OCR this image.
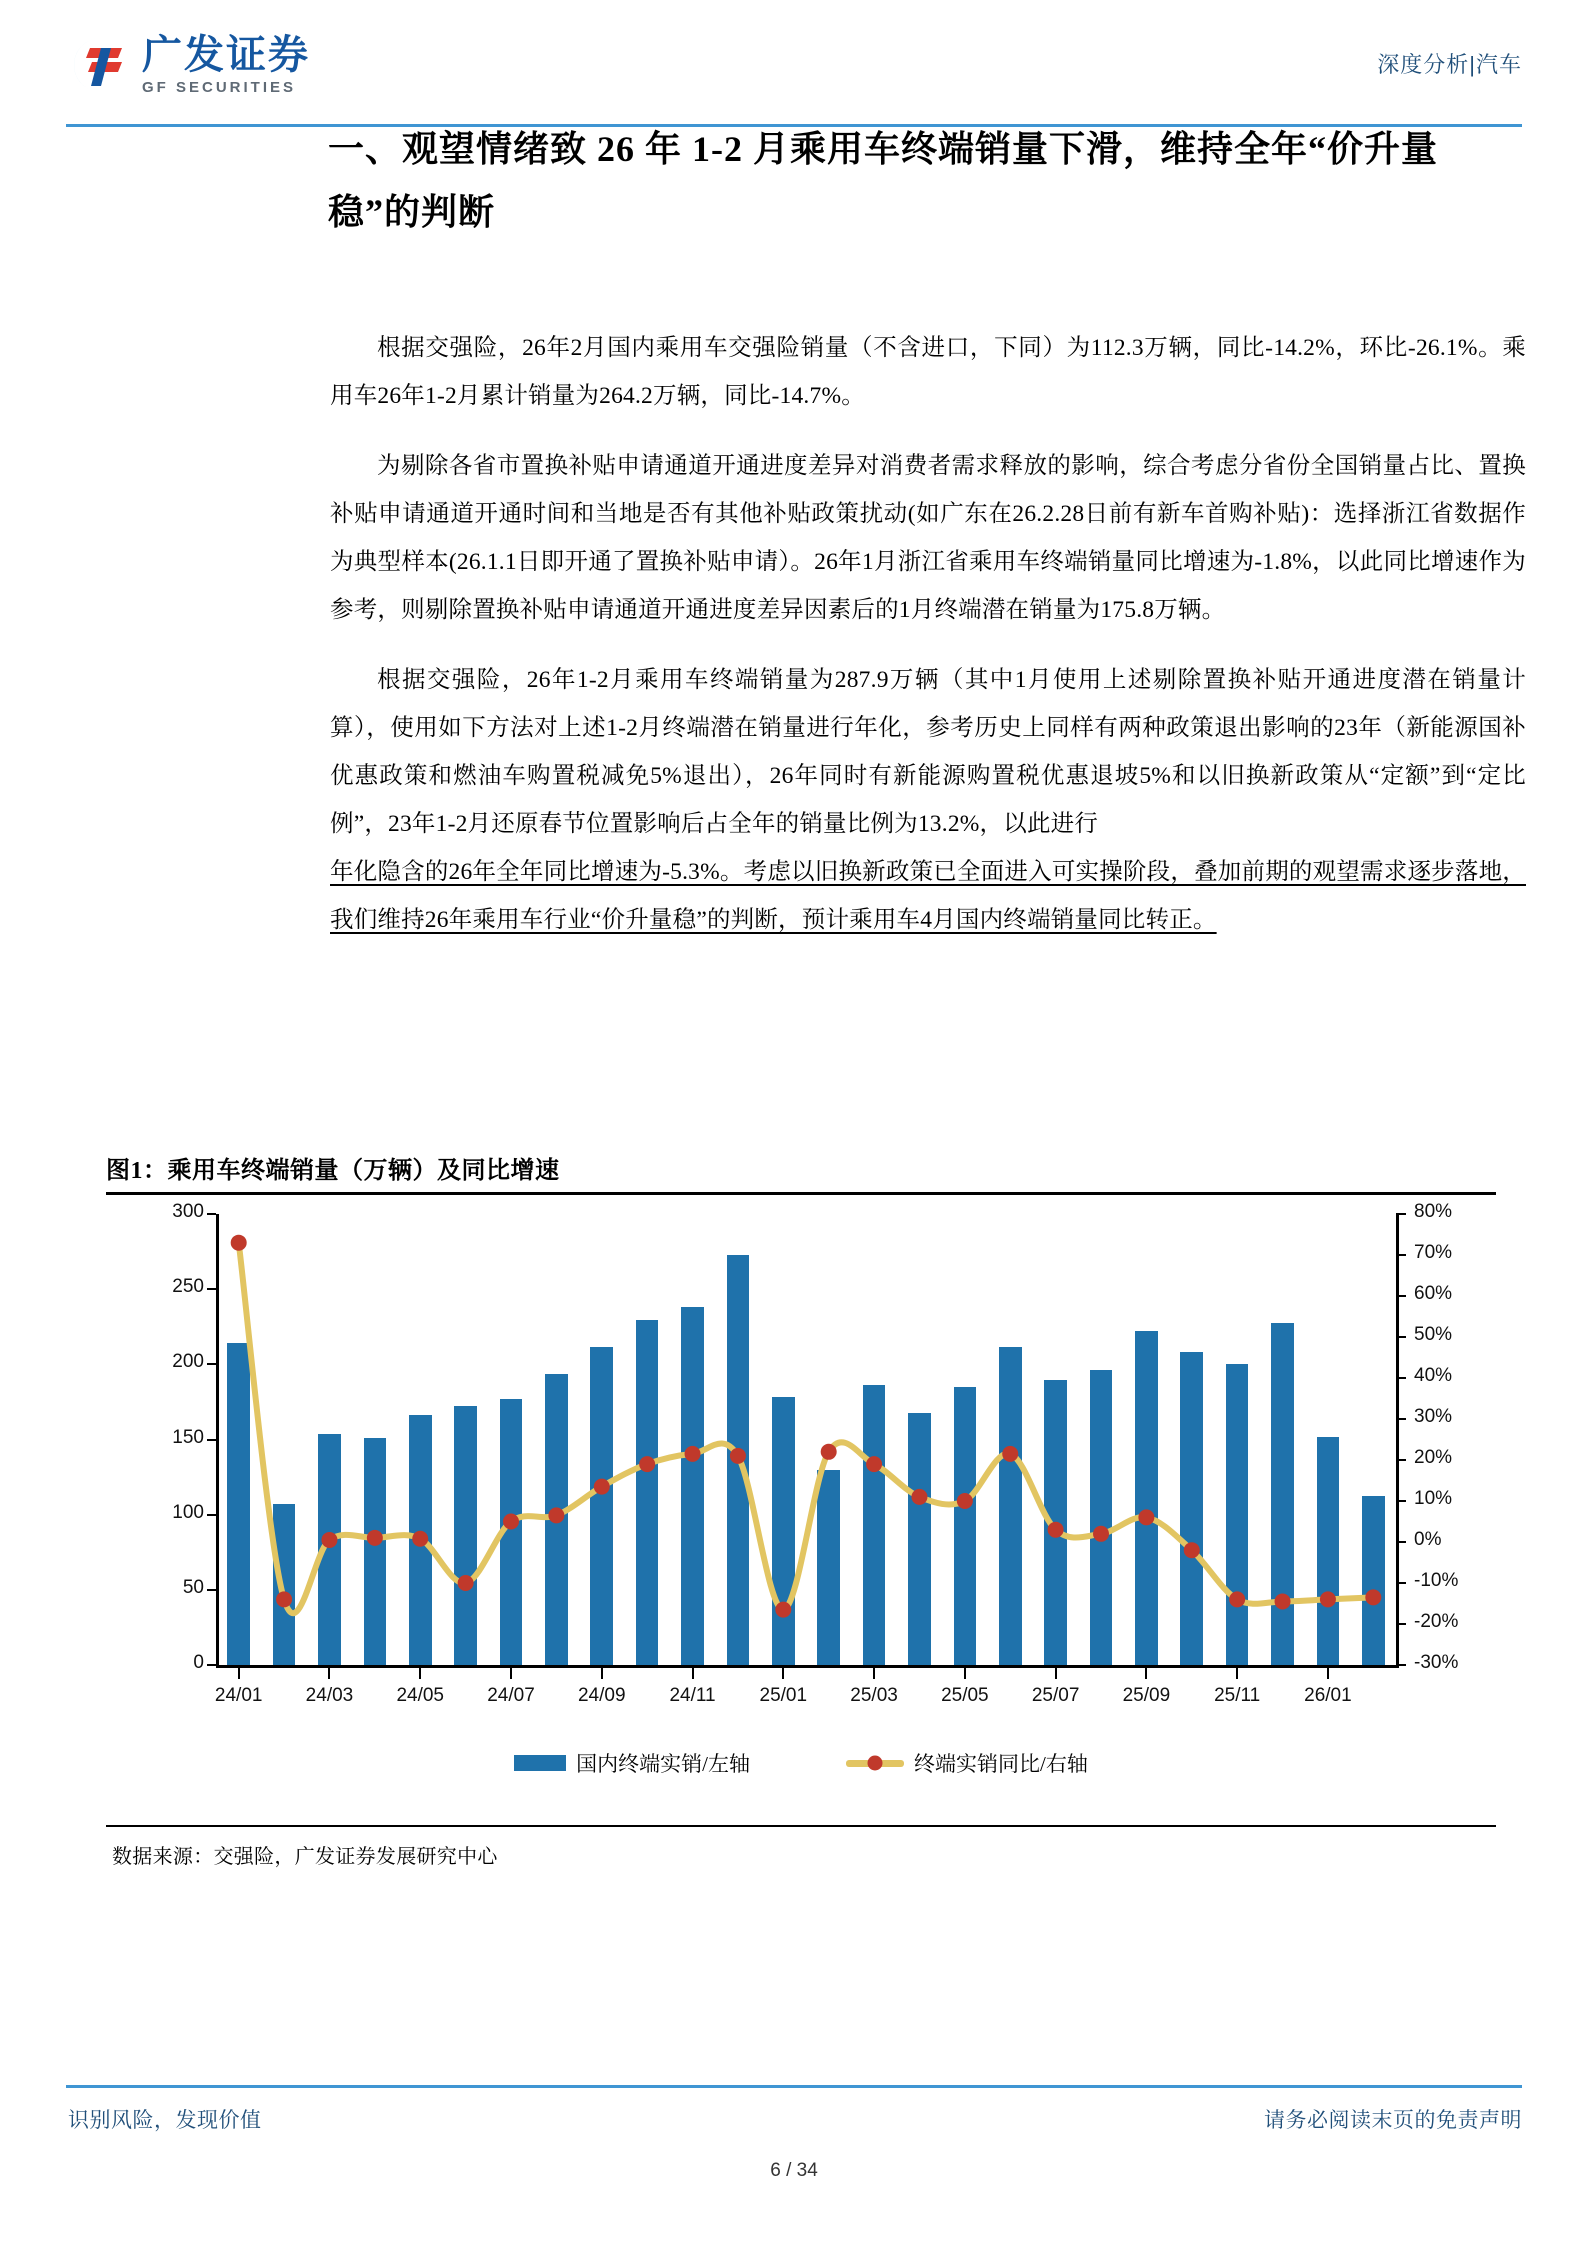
广发证券
GF SECURITIES
深度分析|汽车
一、观望情绪致 26 年 1-2 月乘用车终端销量下滑，维持全年“价升量稳”的判断

根据交强险，26年2月国内乘用车交强险销量（不含进口，下同）为112.3万辆，同比-14.2%，环比-26.1%。乘用车26年1-2月累计销量为264.2万辆，同比-14.7%。

为剔除各省市置换补贴申请通道开通进度差异对消费者需求释放的影响，综合考虑分省份全国销量占比、置换补贴申请通道开通时间和当地是否有其他补贴政策扰动(如广东在26.2.28日前有新车首购补贴)：选择浙江省数据作为典型样本(26.1.1日即开通了置换补贴申请）。26年1月浙江省乘用车终端销量同比增速为-1.8%，以此同比增速作为参考，则剔除置换补贴申请通道开通进度差异因素后的1月终端潜在销量为175.8万辆。

根据交强险，26年1-2月乘用车终端销量为287.9万辆（其中1月使用上述剔除置换补贴开通进度潜在销量计算），使用如下方法对上述1-2月终端潜在销量进行年化，参考历史上同样有两种政策退出影响的23年（新能源国补优惠政策和燃油车购置税减免5%退出），26年同时有新能源购置税优惠退坡5%和以旧换新政策从“定额”到“定比例”，23年1-2月还原春节位置影响后占全年的销量比例为13.2%，以此进行

年化隐含的26年全年同比增速为-5.3%。考虑以旧换新政策已全面进入可实操阶段，叠加前期的观望需求逐步落地，我们维持26年乘用车行业“价升量稳”的判断，预计乘用车4月国内终端销量同比转正。

图1：乘用车终端销量（万辆）及同比增速
0
50
100
150
200
250
300
-30%
-20%
-10%
0%
10%
20%
30%
40%
50%
60%
70%
80%
24/01 24/03 24/05 24/07 24/09 24/11 25/01 25/03 25/05 25/07 25/09 25/11 26/01
国内终端实销/左轴	终端实销同比/右轴
数据来源：交强险，广发证券发展研究中心
识别风险，发现价值	请务必阅读末页的免责声明
6 / 34
